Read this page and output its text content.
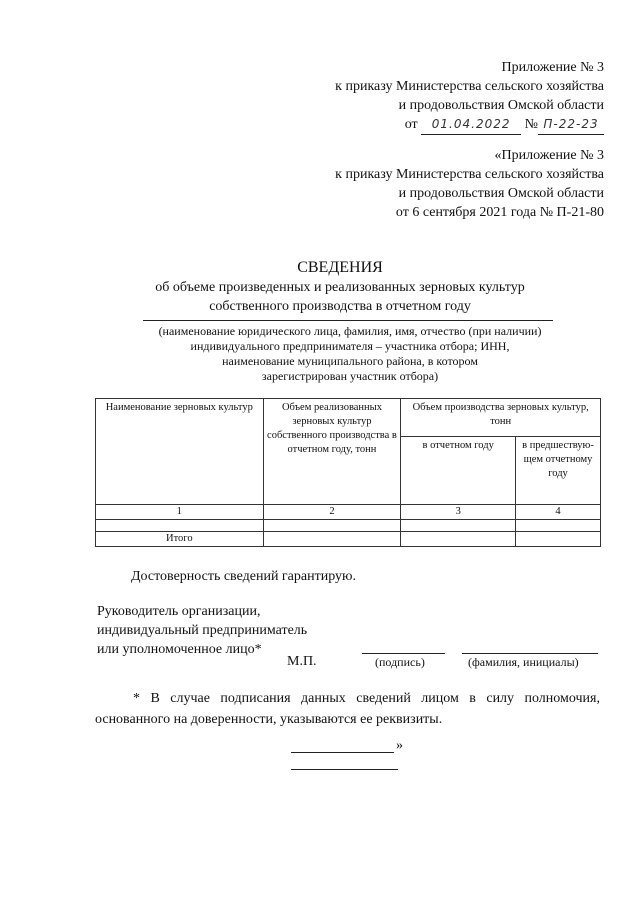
Приложение № 3
к приказу Министерства сельского хозяйства
и продовольствия Омской области
от 01.04.2022 № П-22-23
«Приложение № 3
к приказу Министерства сельского хозяйства
и продовольствия Омской области
от 6 сентября 2021 года № П-21-80
СВЕДЕНИЯ
об объеме произведенных и реализованных зерновых культур
собственного производства в отчетном году
(наименование юридического лица, фамилия, имя, отчество (при наличии)
индивидуального предпринимателя – участника отбора; ИНН,
наименование муниципального района, в котором
зарегистрирован участник отбора)
Наименование зерновых культур	Объем реализованных зерновых культур собственного производства в отчетном году, тонн	Объем производства зерновых культур, тонн	
		в отчетном году	в предшествую-щем отчетному году
1	2	3	4

Итого			
Достоверность сведений гарантирую.
Руководитель организации,
индивидуальный предприниматель
или уполномоченное лицо*
М.П.	(подпись)	(фамилия, инициалы)
* В случае подписания данных сведений лицом в силу полномочия, основанного на доверенности, указываются ее реквизиты.
»
